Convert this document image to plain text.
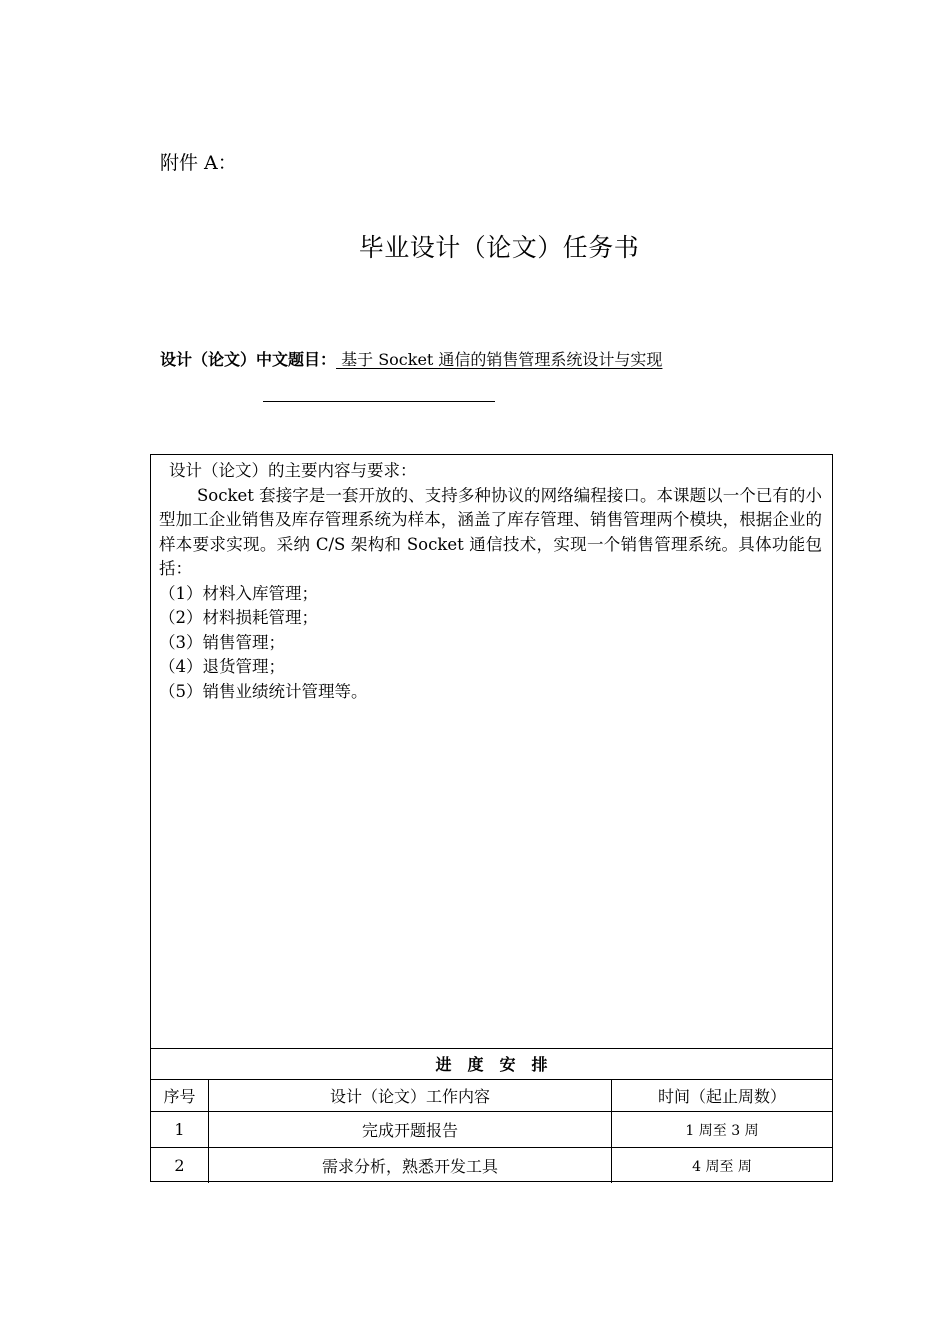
附件 A：
毕业设计（论文）任务书
设计（论文）中文题目： 基于 Socket 通信的销售管理系统设计与实现
设计（论文）的主要内容与要求：
Socket 套接字是一套开放的、支持多种协议的网络编程接口。本课题以一个已有的小型加工企业销售及库存管理系统为样本，涵盖了库存管理、销售管理两个模块，根据企业的样本要求实现。采纳 C/S 架构和 Socket 通信技术，实现一个销售管理系统。具体功能包括：
（1）材料入库管理；
（2）材料损耗管理；
（3）销售管理；
（4）退货管理；
（5）销售业绩统计管理等。
进度安排
序号	设计（论文）工作内容	时间（起止周数）
1	完成开题报告	1 周至 3 周
2	需求分析，熟悉开发工具	4 周至 周
